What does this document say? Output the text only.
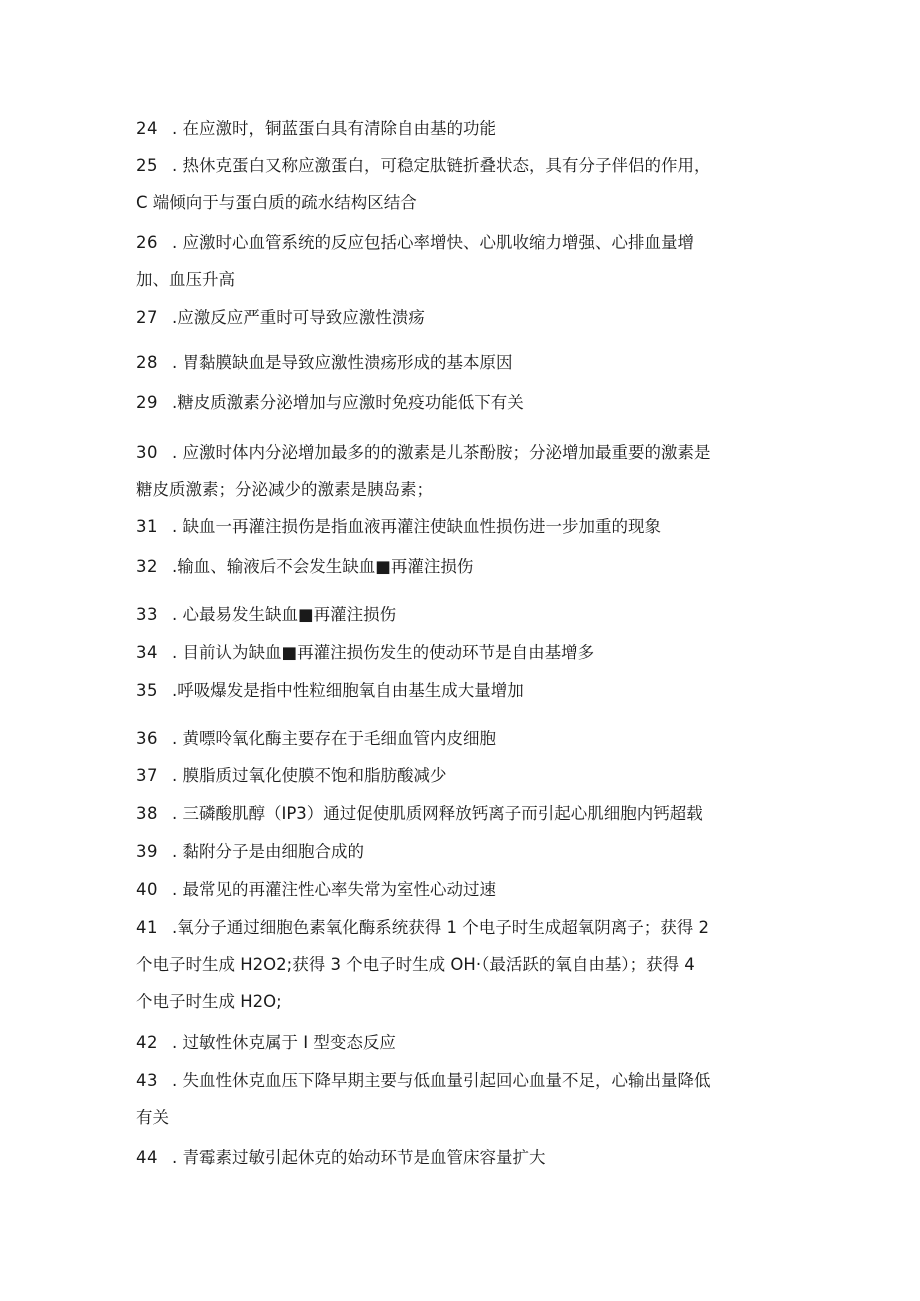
24 . 在应激时，铜蓝蛋白具有清除自由基的功能
25 . 热休克蛋白又称应激蛋白，可稳定肽链折叠状态，具有分子伴侣的作用，
C 端倾向于与蛋白质的疏水结构区结合
26 . 应激时心血管系统的反应包括心率增快、心肌收缩力增强、心排血量增
加、血压升高
27 .应激反应严重时可导致应激性溃疡
28 . 胃黏膜缺血是导致应激性溃疡形成的基本原因
29 .糖皮质激素分泌增加与应激时免疫功能低下有关
30 . 应激时体内分泌增加最多的的激素是儿茶酚胺；分泌增加最重要的激素是
糖皮质激素；分泌减少的激素是胰岛素；
31 . 缺血一再灌注损伤是指血液再灌注使缺血性损伤进一步加重的现象
32 .输血、输液后不会发生缺血■再灌注损伤
33 . 心最易发生缺血■再灌注损伤
34 . 目前认为缺血■再灌注损伤发生的使动环节是自由基增多
35 .呼吸爆发是指中性粒细胞氧自由基生成大量增加
36 . 黄嘌呤氧化酶主要存在于毛细血管内皮细胞
37 . 膜脂质过氧化使膜不饱和脂肪酸减少
38 . 三磷酸肌醇（IP3）通过促使肌质网释放钙离子而引起心肌细胞内钙超载
39 . 黏附分子是由细胞合成的
40 . 最常见的再灌注性心率失常为室性心动过速
41 .氧分子通过细胞色素氧化酶系统获得 1 个电子时生成超氧阴离子；获得 2
个电子时生成 H2O2;获得 3 个电子时生成 OH·（最活跃的氧自由基）；获得 4
个电子时生成 H2O;
42 . 过敏性休克属于 I 型变态反应
43 . 失血性休克血压下降早期主要与低血量引起回心血量不足，心输出量降低
有关
44 . 青霉素过敏引起休克的始动环节是血管床容量扩大
